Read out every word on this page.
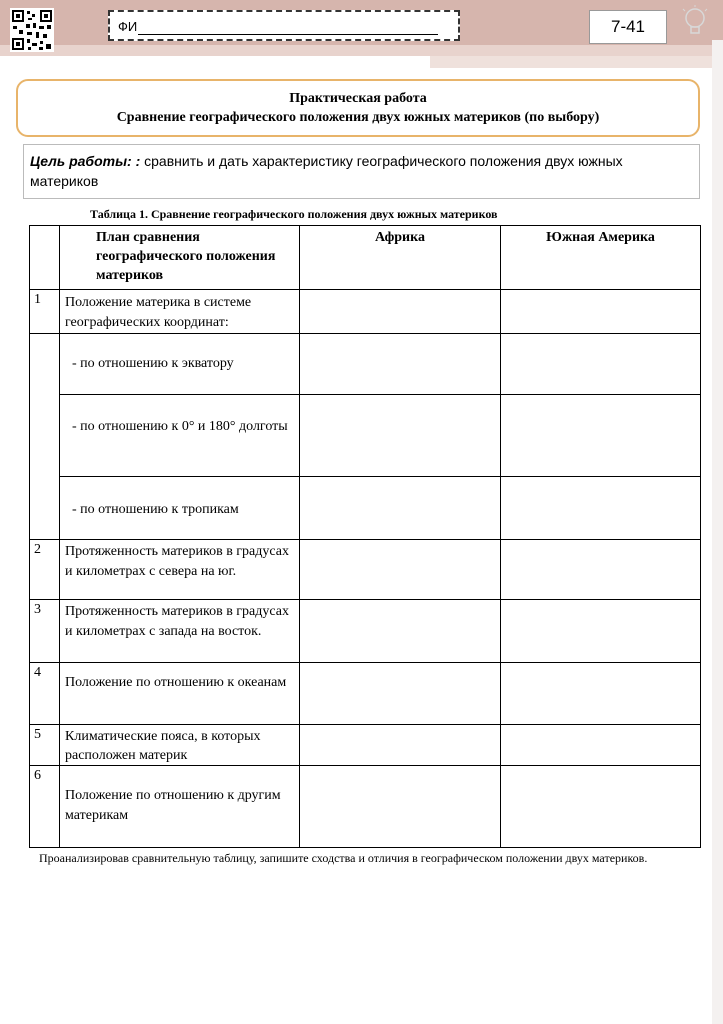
ФИ	7-41
Практическая работа
Сравнение географического положения двух южных материков (по выбору)
Цель работы: : сравнить и дать характеристику географического положения двух южных материков
Таблица 1. Сравнение географического положения двух южных материков
	План сравнения географического положения материков	Африка	Южная Америка
1	Положение материка в системе географических координат:		
	- по отношению к экватору		
	- по отношению к 0° и 180° долготы		
	- по отношению к тропикам		
2	Протяженность материков в градусах и километрах с севера на юг.		
3	Протяженность материков в градусах и километрах с запада на восток.		
4	Положение по отношению к океанам		
5	Климатические пояса, в которых расположен материк		
6	Положение по отношению к другим материкам		
Проанализировав сравнительную таблицу, запишите сходства и отличия в географическом положении двух материков.
